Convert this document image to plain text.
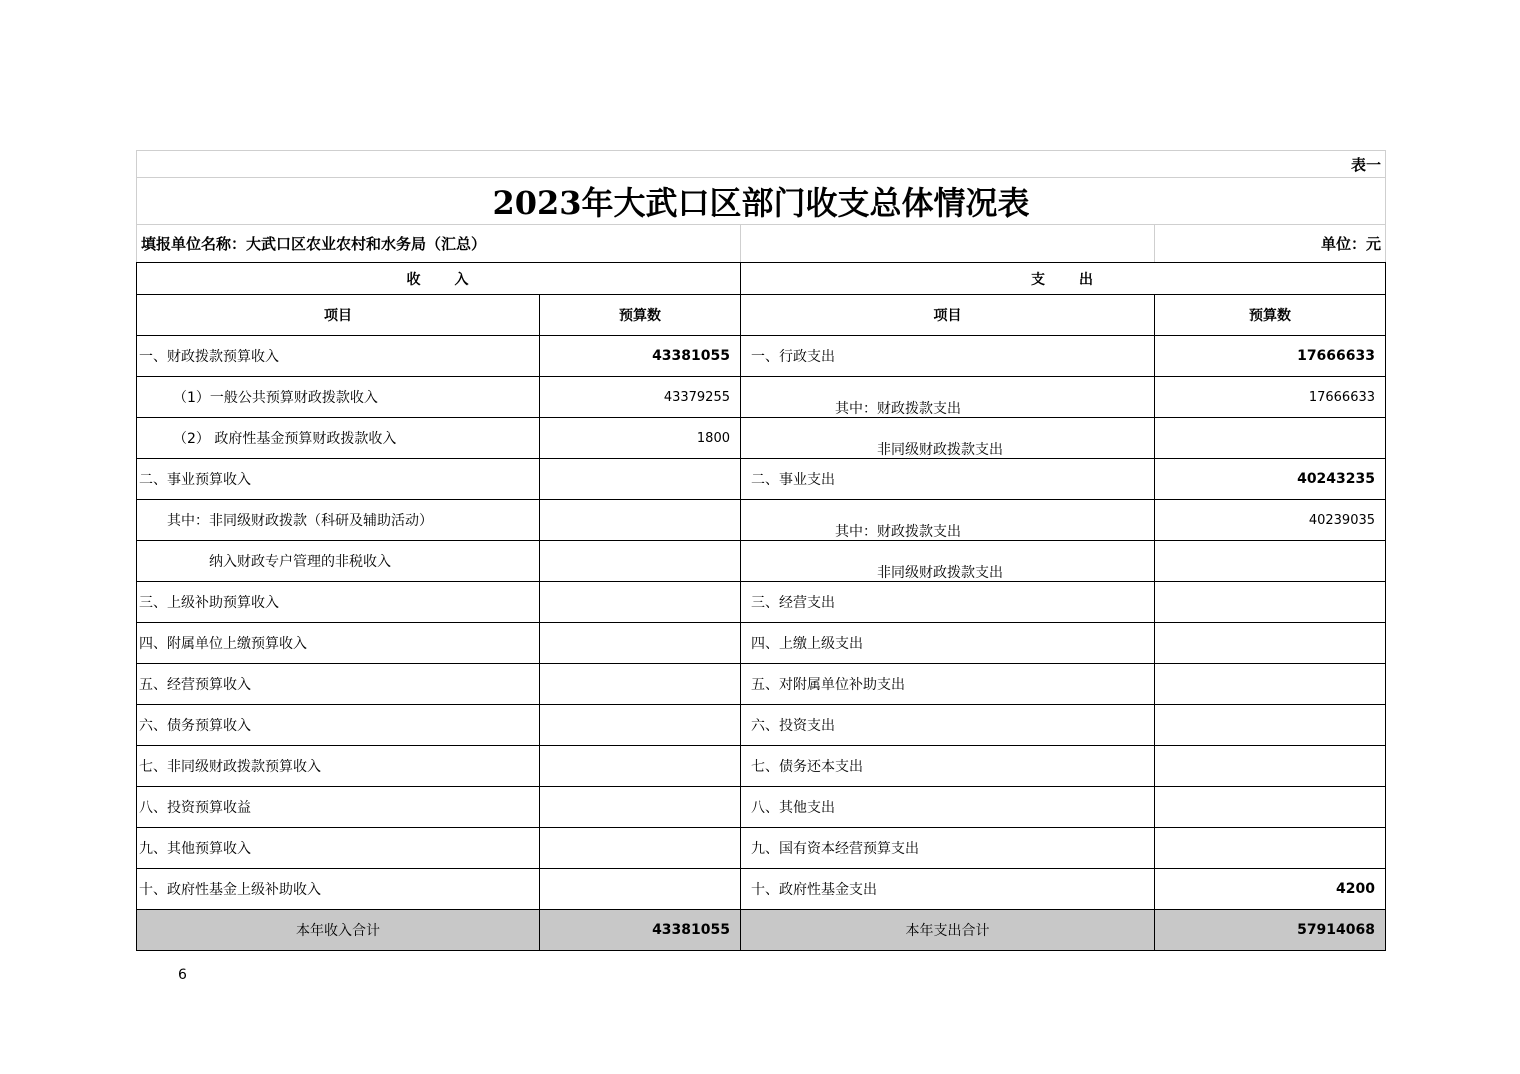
表一			
2023年大武口区部门收支总体情况表			
填报单位名称：大武口区农业农村和水务局（汇总）			单位：元
收　　入		支　　出	
项目	预算数	项目	预算数
一、财政拨款预算收入	43381055	一、行政支出	17666633
（1）一般公共预算财政拨款收入	43379255	其中：财政拨款支出	17666633
（2） 政府性基金预算财政拨款收入	1800	非同级财政拨款支出	
二、事业预算收入		二、事业支出	40243235
其中：非同级财政拨款（科研及辅助活动）		其中：财政拨款支出	40239035
纳入财政专户管理的非税收入		非同级财政拨款支出	
三、上级补助预算收入		三、经营支出	
四、附属单位上缴预算收入		四、上缴上级支出	
五、经营预算收入		五、对附属单位补助支出	
六、债务预算收入		六、投资支出	
七、非同级财政拨款预算收入		七、债务还本支出	
八、投资预算收益		八、其他支出	
九、其他预算收入		九、国有资本经营预算支出	
十、政府性基金上级补助收入		十、政府性基金支出	4200
本年收入合计	43381055	本年支出合计	57914068
6
